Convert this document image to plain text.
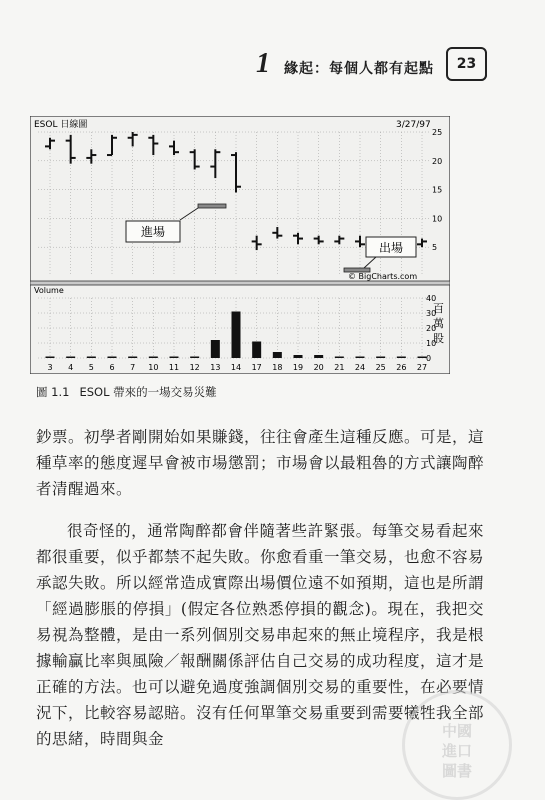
1 緣起：每個人都有起點	23
ESOL 日線圖	3/27/97
5
10
15
20
25
Volume
© BigCharts.com
0
10
20
30
40
3 4 5 6 7 10 11 12 13 14 17 18 19 20 21 24 25 26 27
進場
出場
百
萬
股
圖 1.1 ESOL 帶來的一場交易災難

鈔票。初學者剛開始如果賺錢，往往會產生這種反應。可是，這種草率的態度遲早會被市場懲罰；市場會以最粗魯的方式讓陶醉者清醒過來。

很奇怪的，通常陶醉都會伴隨著些許緊張。每筆交易看起來都很重要，似乎都禁不起失敗。你愈看重一筆交易，也愈不容易承認失敗。所以經常造成實際出場價位遠不如預期，這也是所謂「經過膨脹的停損」(假定各位熟悉停損的觀念)。現在，我把交易視為整體，是由一系列個別交易串起來的無止境程序，我是根據輸贏比率與風險／報酬關係評估自己交易的成功程度，這才是正確的方法。也可以避免過度強調個別交易的重要性，在必要情況下，比較容易認賠。沒有任何單筆交易重要到需要犧牲我全部的思緒，時間與金	中國
進口
圖書
